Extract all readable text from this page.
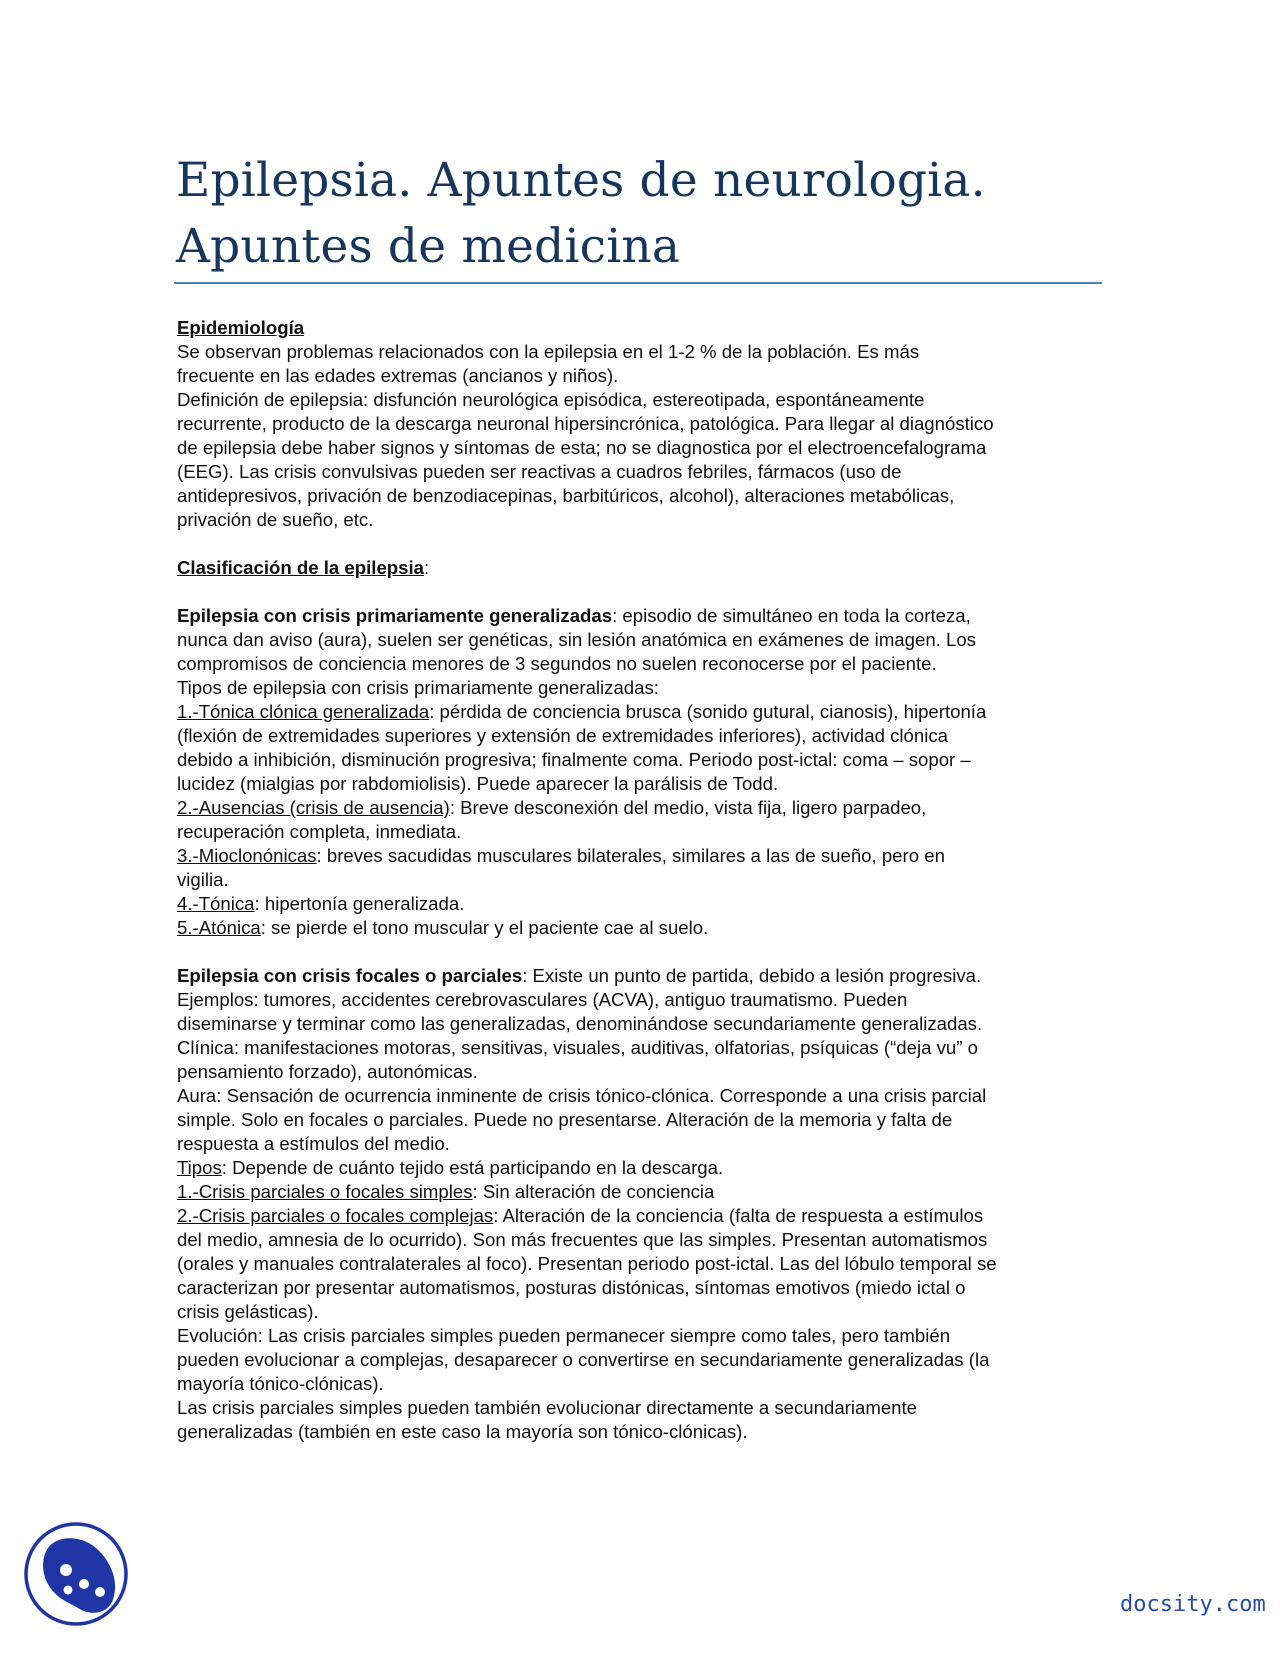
Epilepsia. Apuntes de neurologia.
Apuntes de medicina
Epidemiología
Se observan problemas relacionados con la epilepsia en el 1-2 % de la población. Es más
frecuente en las edades extremas (ancianos y niños).
Definición de epilepsia: disfunción neurológica episódica, estereotipada, espontáneamente
recurrente, producto de la descarga neuronal hipersincrónica, patológica. Para llegar al diagnóstico
de epilepsia debe haber signos y síntomas de esta; no se diagnostica por el electroencefalograma
(EEG). Las crisis convulsivas pueden ser reactivas a cuadros febriles, fármacos (uso de
antidepresivos, privación de benzodiacepinas, barbitúricos, alcohol), alteraciones metabólicas,
privación de sueño, etc.
Clasificación de la epilepsia:
Epilepsia con crisis primariamente generalizadas: episodio de simultáneo en toda la corteza,
nunca dan aviso (aura), suelen ser genéticas, sin lesión anatómica en exámenes de imagen. Los
compromisos de conciencia menores de 3 segundos no suelen reconocerse por el paciente.
Tipos de epilepsia con crisis primariamente generalizadas:
1.-Tónica clónica generalizada: pérdida de conciencia brusca (sonido gutural, cianosis), hipertonía
(flexión de extremidades superiores y extensión de extremidades inferiores), actividad clónica
debido a inhibición, disminución progresiva; finalmente coma. Periodo post-ictal: coma – sopor –
lucidez (mialgias por rabdomiolisis). Puede aparecer la parálisis de Todd.
2.-Ausencias (crisis de ausencia): Breve desconexión del medio, vista fija, ligero parpadeo,
recuperación completa, inmediata.
3.-Mioclonónicas: breves sacudidas musculares bilaterales, similares a las de sueño, pero en
vigilia.
4.-Tónica: hipertonía generalizada.
5.-Atónica: se pierde el tono muscular y el paciente cae al suelo.
Epilepsia con crisis focales o parciales: Existe un punto de partida, debido a lesión progresiva.
Ejemplos: tumores, accidentes cerebrovasculares (ACVA), antiguo traumatismo. Pueden
diseminarse y terminar como las generalizadas, denominándose secundariamente generalizadas.
Clínica: manifestaciones motoras, sensitivas, visuales, auditivas, olfatorias, psíquicas (“deja vu” o
pensamiento forzado), autonómicas.
Aura: Sensación de ocurrencia inminente de crisis tónico-clónica. Corresponde a una crisis parcial
simple. Solo en focales o parciales. Puede no presentarse. Alteración de la memoria y falta de
respuesta a estímulos del medio.
Tipos: Depende de cuánto tejido está participando en la descarga.
1.-Crisis parciales o focales simples: Sin alteración de conciencia
2.-Crisis parciales o focales complejas: Alteración de la conciencia (falta de respuesta a estímulos
del medio, amnesia de lo ocurrido). Son más frecuentes que las simples. Presentan automatismos
(orales y manuales contralaterales al foco). Presentan periodo post-ictal. Las del lóbulo temporal se
caracterizan por presentar automatismos, posturas distónicas, síntomas emotivos (miedo ictal o
crisis gelásticas).
Evolución: Las crisis parciales simples pueden permanecer siempre como tales, pero también
pueden evolucionar a complejas, desaparecer o convertirse en secundariamente generalizadas (la
mayoría tónico-clónicas).
Las crisis parciales simples pueden también evolucionar directamente a secundariamente
generalizadas (también en este caso la mayoría son tónico-clónicas).
docsity.com
